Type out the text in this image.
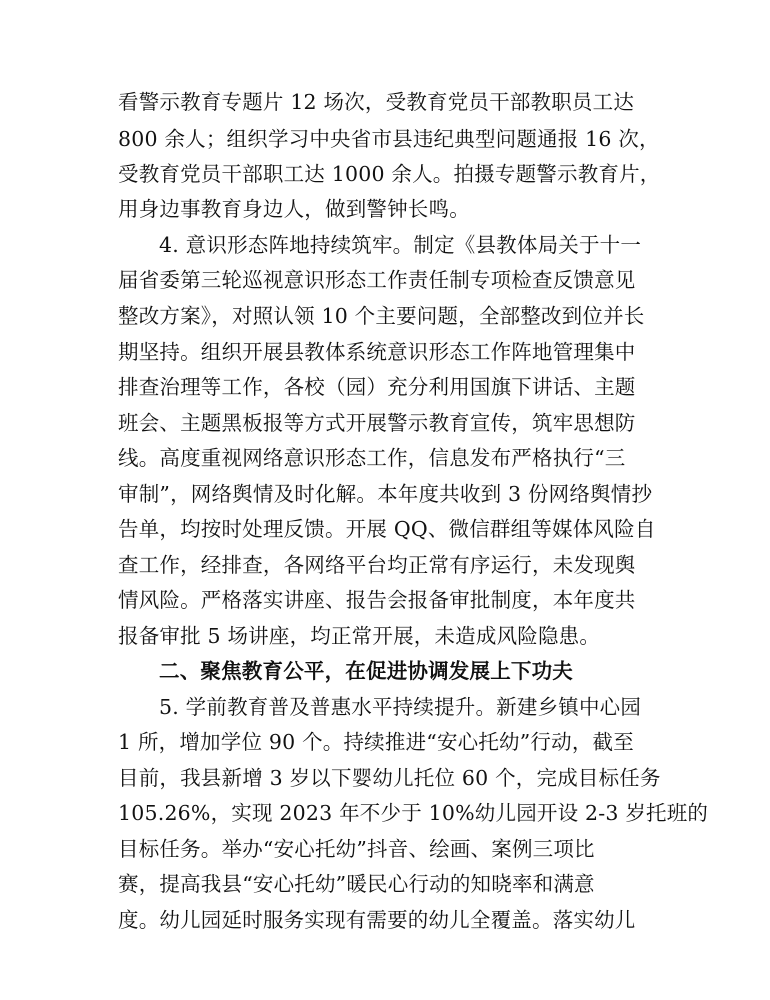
看警示教育专题片 12 场次，受教育党员干部教职员工达
800 余人；组织学习中央省市县违纪典型问题通报 16 次，
受教育党员干部职工达 1000 余人。拍摄专题警示教育片，
用身边事教育身边人，做到警钟长鸣。
4. 意识形态阵地持续筑牢。制定《县教体局关于十一
届省委第三轮巡视意识形态工作责任制专项检查反馈意见
整改方案》，对照认领 10 个主要问题，全部整改到位并长
期坚持。组织开展县教体系统意识形态工作阵地管理集中
排查治理等工作，各校（园）充分利用国旗下讲话、主题
班会、主题黑板报等方式开展警示教育宣传，筑牢思想防
线。高度重视网络意识形态工作，信息发布严格执行“三
审制”，网络舆情及时化解。本年度共收到 3 份网络舆情抄
告单，均按时处理反馈。开展 QQ、微信群组等媒体风险自
查工作，经排查，各网络平台均正常有序运行，未发现舆
情风险。严格落实讲座、报告会报备审批制度，本年度共
报备审批 5 场讲座，均正常开展，未造成风险隐患。
二、聚焦教育公平，在促进协调发展上下功夫
5. 学前教育普及普惠水平持续提升。新建乡镇中心园
1 所，增加学位 90 个。持续推进“安心托幼”行动，截至
目前，我县新增 3 岁以下婴幼儿托位 60 个，完成目标任务
105.26%，实现 2023 年不少于 10%幼儿园开设 2-3 岁托班的
目标任务。举办“安心托幼”抖音、绘画、案例三项比
赛，提高我县“安心托幼”暖民心行动的知晓率和满意
度。幼儿园延时服务实现有需要的幼儿全覆盖。落实幼儿
